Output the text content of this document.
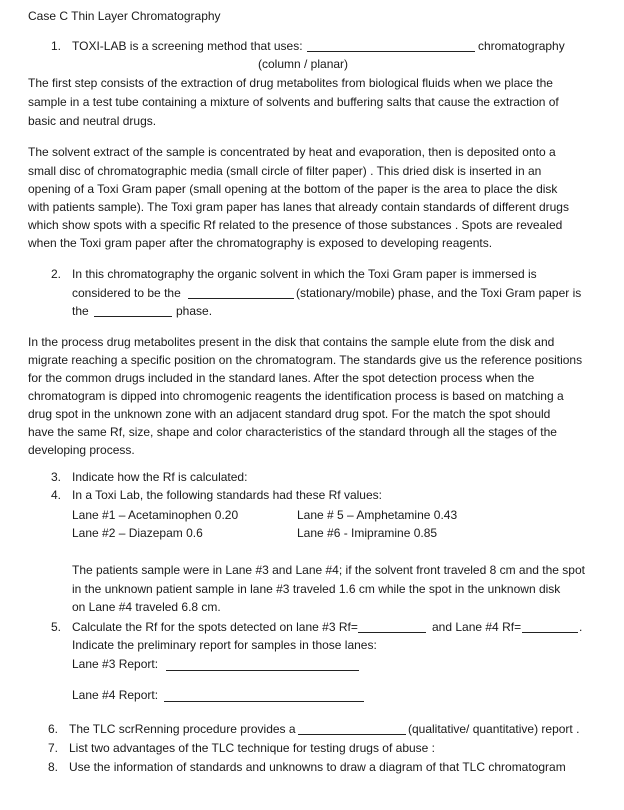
Case C Thin Layer Chromatography
1. TOXI-LAB is a screening method that uses:	chromatography
(column / planar)
The first step consists of the extraction of drug metabolites from biological fluids when we place the
sample in a test tube containing a mixture of solvents and buffering salts that cause the extraction of
basic and neutral drugs.
The solvent extract of the sample is concentrated by heat and evaporation, then is deposited onto a
small disc of chromatographic media (small circle of filter paper) . This dried disk is inserted in an
opening of a Toxi Gram paper (small opening at the bottom of the paper is the area to place the disk
with patients sample). The Toxi gram paper has lanes that already contain standards of different drugs
which show spots with a specific Rf related to the presence of those substances . Spots are revealed
when the Toxi gram paper after the chromatography is exposed to developing reagents.
2. In this chromatography the organic solvent in which the Toxi Gram paper is immersed is
considered to be the	(stationary/mobile) phase, and the Toxi Gram paper is
the	phase.
In the process drug metabolites present in the disk that contains the sample elute from the disk and
migrate reaching a specific position on the chromatogram. The standards give us the reference positions
for the common drugs included in the standard lanes. After the spot detection process when the
chromatogram is dipped into chromogenic reagents the identification process is based on matching a
drug spot in the unknown zone with an adjacent standard drug spot. For the match the spot should
have the same Rf, size, shape and color characteristics of the standard through all the stages of the
developing process.
3. Indicate how the Rf is calculated:
4. In a Toxi Lab, the following standards had these Rf values:
Lane #1 – Acetaminophen 0.20	Lane # 5 – Amphetamine 0.43
Lane #2 – Diazepam 0.6	Lane #6 - Imipramine 0.85
The patients sample were in Lane #3 and Lane #4; if the solvent front traveled 8 cm and the spot
in the unknown patient sample in lane #3 traveled 1.6 cm while the spot in the unknown disk
on Lane #4 traveled 6.8 cm.
5. Calculate the Rf for the spots detected on lane #3 Rf=	and Lane #4 Rf=	.
Indicate the preliminary report for samples in those lanes:
Lane #3 Report:
Lane #4 Report:
6. The TLC scrRenning procedure provides a	(qualitative/ quantitative) report .
7. List two advantages of the TLC technique for testing drugs of abuse :
8. Use the information of standards and unknowns to draw a diagram of that TLC chromatogram
